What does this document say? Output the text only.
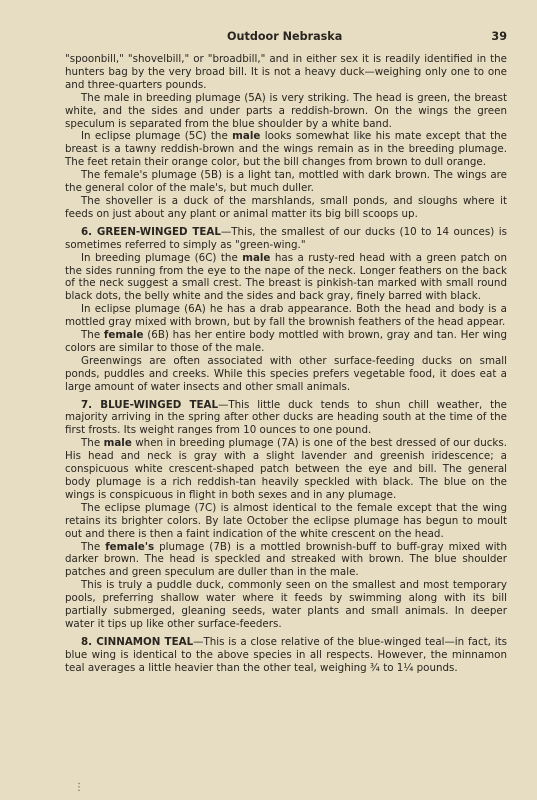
Outdoor Nebraska	39

"spoonbill," "shovelbill," or "broadbill," and in either sex it is readily identified in the hunters bag by the very broad bill. It is not a heavy duck—weighing only one to one and three-quarters pounds.

The male in breeding plumage (5A) is very striking. The head is green, the breast white, and the sides and under parts a reddish-brown. On the wings the green speculum is separated from the blue shoulder by a white band.

In eclipse plumage (5C) the male looks somewhat like his mate except that the breast is a tawny reddish-brown and the wings remain as in the breeding plumage. The feet retain their orange color, but the bill changes from brown to dull orange.

The female's plumage (5B) is a light tan, mottled with dark brown. The wings are the general color of the male's, but much duller.

The shoveller is a duck of the marshlands, small ponds, and sloughs where it feeds on just about any plant or animal matter its big bill scoops up.

6. GREEN-WINGED TEAL—This, the smallest of our ducks (10 to 14 ounces) is sometimes referred to simply as "green-wing."

In breeding plumage (6C) the male has a rusty-red head with a green patch on the sides running from the eye to the nape of the neck. Longer feathers on the back of the neck suggest a small crest. The breast is pinkish-tan marked with small round black dots, the belly white and the sides and back gray, finely barred with black.

In eclipse plumage (6A) he has a drab appearance. Both the head and body is a mottled gray mixed with brown, but by fall the brownish feathers of the head appear.

The female (6B) has her entire body mottled with brown, gray and tan. Her wing colors are similar to those of the male.

Greenwings are often associated with other surface-feeding ducks on small ponds, puddles and creeks. While this species prefers vegetable food, it does eat a large amount of water insects and other small animals.

7. BLUE-WINGED TEAL—This little duck tends to shun chill weather, the majority arriving in the spring after other ducks are heading south at the time of the first frosts. Its weight ranges from 10 ounces to one pound.

The male when in breeding plumage (7A) is one of the best dressed of our ducks. His head and neck is gray with a slight lavender and greenish iridescence; a conspicuous white crescent-shaped patch between the eye and bill. The general body plumage is a rich reddish-tan heavily speckled with black. The blue on the wings is conspicuous in flight in both sexes and in any plumage.

The eclipse plumage (7C) is almost identical to the female except that the wing retains its brighter colors. By late October the eclipse plumage has begun to moult out and there is then a faint indication of the white crescent on the head.

The female's plumage (7B) is a mottled brownish-buff to buff-gray mixed with darker brown. The head is speckled and streaked with brown. The blue shoulder patches and green speculum are duller than in the male.

This is truly a puddle duck, commonly seen on the smallest and most temporary pools, preferring shallow water where it feeds by swimming along with its bill partially submerged, gleaning seeds, water plants and small animals. In deeper water it tips up like other surface-feeders.

8. CINNAMON TEAL—This is a close relative of the blue-winged teal—in fact, its blue wing is identical to the above species in all respects. However, the minnamon teal averages a little heavier than the other teal, weighing ¾ to 1¼ pounds.

⋮
